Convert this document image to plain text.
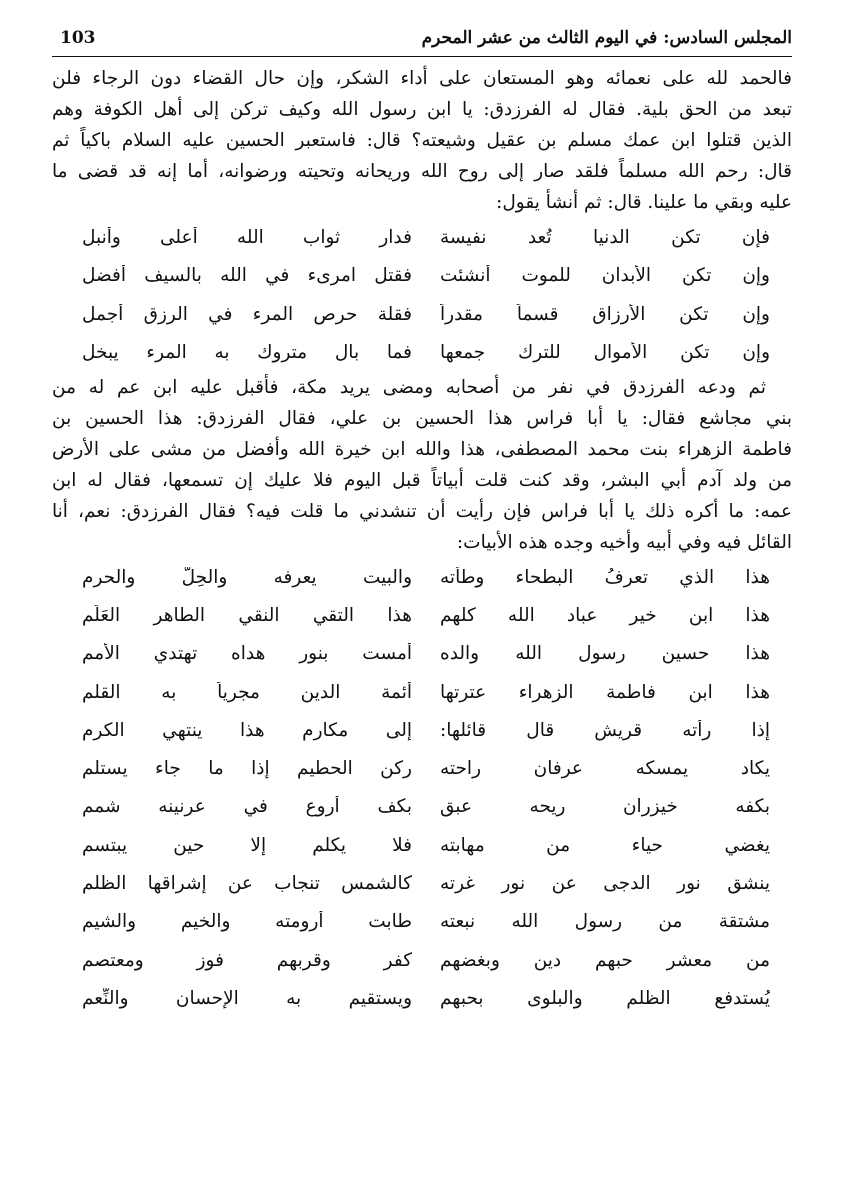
المجلس السادس: في اليوم الثالث من عشر المحرم
103

فالحمد لله على نعمائه وهو المستعان على أداء الشكر، وإن حال القضاء دون الرجاء فلن
تبعد من الحق بلية. فقال له الفرزدق: يا ابن رسول الله وكيف تركن إلى أهل الكوفة وهم
الذين قتلوا ابن عمك مسلم بن عقيل وشيعته؟ قال: فاستعبر الحسين عليه السلام باكياً ثم
قال: رحم الله مسلماً فلقد صار إلى روح الله وريحانه وتحيته ورضوانه، أما إنه قد قضى ما
عليه وبقي ما علينا. قال: ثم أنشأ يقول:

فإن تكن الدنيا تُعد نفيسة
فدار ثواب الله أعلى وأنبل
وإن تكن الأبدان للموت أُنشئت
فقتل امرىء في الله بالسيف أفضل
وإن تكن الأرزاق قسماً مقدراً
فقلة حرص المرء في الرزق أجمل
وإن تكن الأموال للترك جمعها
فما بال متروك به المرء يبخل

ثم ودعه الفرزدق في نفر من أصحابه ومضى يريد مكة، فأقبل عليه ابن عم له من
بني مجاشع فقال: يا أبا فراس هذا الحسين بن علي، فقال الفرزدق: هذا الحسين بن
فاطمة الزهراء بنت محمد المصطفى، هذا والله ابن خيرة الله وأفضل من مشى على الأرض
من ولد آدم أبي البشر، وقد كنت قلت أبياتاً قبل اليوم فلا عليك إن تسمعها، فقال له ابن
عمه: ما أكره ذلك يا أبا فراس فإن رأيت أن تنشدني ما قلت فيه؟ فقال الفرزدق: نعم، أنا
القائل فيه وفي أبيه وأخيه وجده هذه الأبيات:

هذا الذي تعرفُ البطحاء وطأته
والبيت يعرفه والحِلُّ والحرم
هذا ابن خير عباد الله كلهم
هذا التقي النقي الطاهر العَلَم
هذا حسين رسول الله والده
أمست بنور هداه تهتدي الأمم
هذا ابن فاطمة الزهراء عترتها
أئمة الدين مجرياً به القلم
إذا رأته قريش قال قائلها:
إلى مكارم هذا ينتهي الكرم
يكاد يمسكه عرفان راحته
ركن الحطيم إذا ما جاء يستلم
بكفه خيزران ريحه عبق
بكف أروع في عرنينه شمم
يغضي حياء من مهابته
فلا يكلم إلا حين يبتسم
ينشق نور الدجى عن نور غرته
كالشمس تنجاب عن إشراقها الظلم
مشتقة من رسول الله نبعته
طابت أرومته والخيم والشيم
من معشر حبهم دين وبغضهم
كفر وقربهم فوز ومعتصم
يُستدفع الظلم والبلوى بحبهم
ويستقيم به الإحسان والنِّعم
